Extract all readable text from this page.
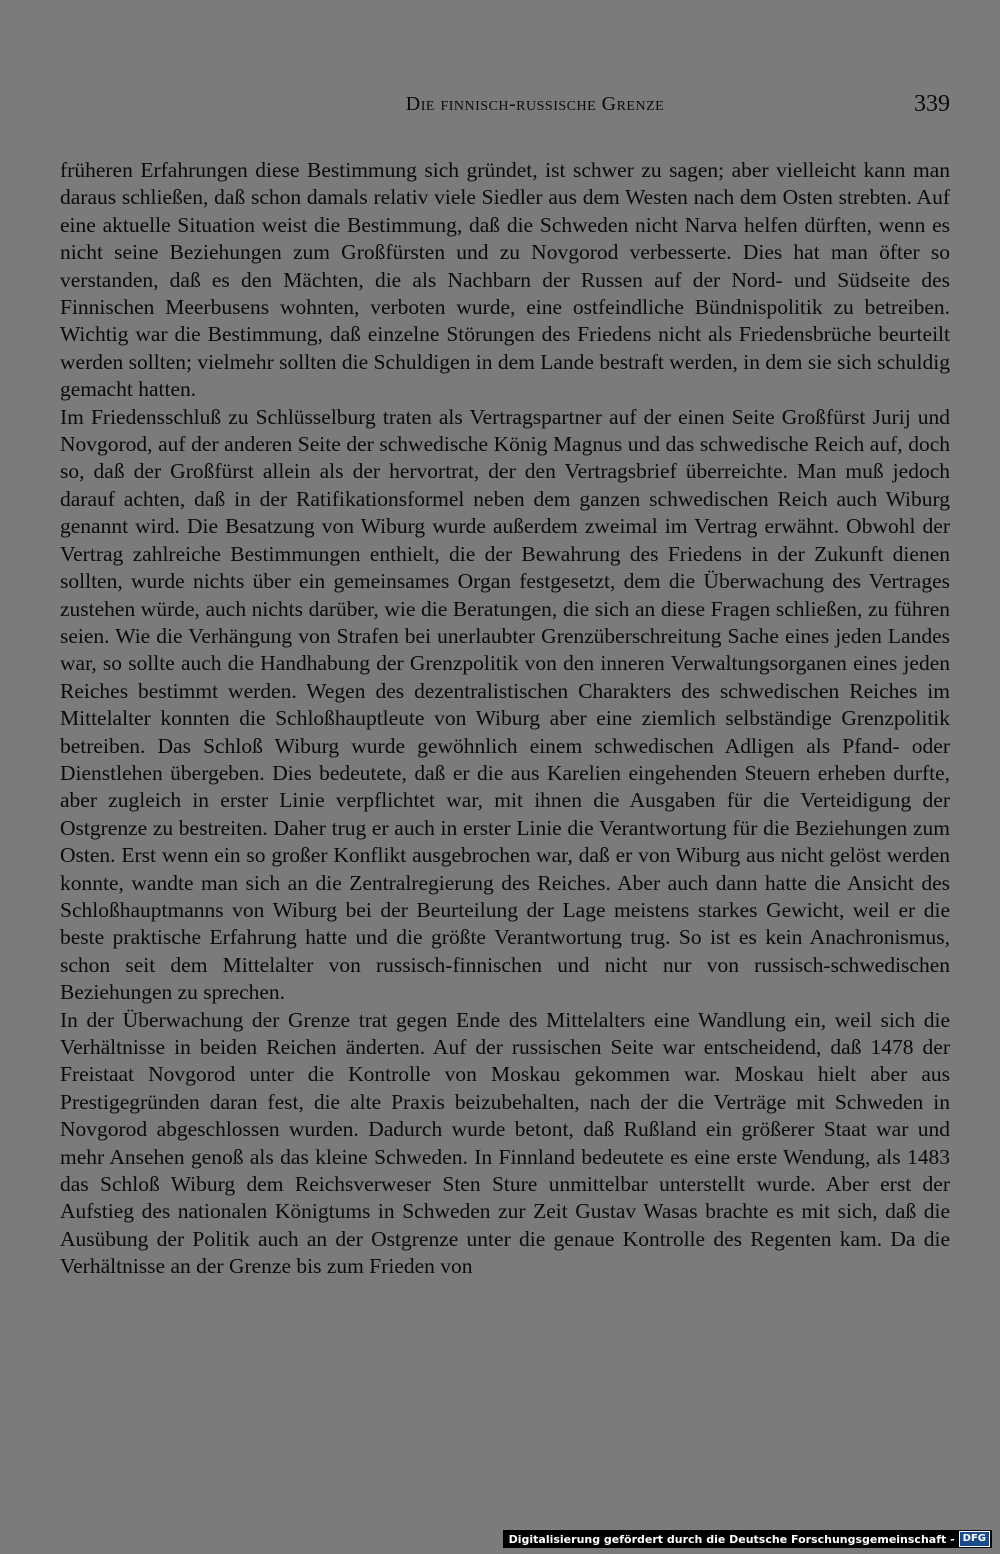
Die finnisch-russische Grenze	339

früheren Erfahrungen diese Bestimmung sich gründet, ist schwer zu sagen; aber vielleicht kann man daraus schließen, daß schon damals relativ viele Siedler aus dem Westen nach dem Osten strebten. Auf eine aktuelle Situation weist die Bestimmung, daß die Schweden nicht Narva helfen dürften, wenn es nicht seine Beziehungen zum Großfürsten und zu Novgorod verbesserte. Dies hat man öfter so verstanden, daß es den Mächten, die als Nachbarn der Russen auf der Nord- und Südseite des Finnischen Meerbusens wohnten, verboten wurde, eine ostfeindliche Bündnispolitik zu betreiben. Wichtig war die Bestimmung, daß einzelne Störungen des Friedens nicht als Friedensbrüche beurteilt werden sollten; vielmehr sollten die Schuldigen in dem Lande bestraft werden, in dem sie sich schuldig gemacht hatten.

Im Friedensschluß zu Schlüsselburg traten als Vertragspartner auf der einen Seite Großfürst Jurij und Novgorod, auf der anderen Seite der schwedische König Magnus und das schwedische Reich auf, doch so, daß der Großfürst allein als der hervortrat, der den Vertragsbrief überreichte. Man muß jedoch darauf achten, daß in der Ratifikationsformel neben dem ganzen schwedischen Reich auch Wiburg genannt wird. Die Besatzung von Wiburg wurde außerdem zweimal im Vertrag erwähnt. Obwohl der Vertrag zahlreiche Bestimmungen enthielt, die der Bewahrung des Friedens in der Zukunft dienen sollten, wurde nichts über ein gemeinsames Organ festgesetzt, dem die Überwachung des Vertrages zustehen würde, auch nichts darüber, wie die Beratungen, die sich an diese Fragen schließen, zu führen seien. Wie die Verhängung von Strafen bei unerlaubter Grenzüberschreitung Sache eines jeden Landes war, so sollte auch die Handhabung der Grenzpolitik von den inneren Verwaltungsorganen eines jeden Reiches bestimmt werden. Wegen des dezentralistischen Charakters des schwedischen Reiches im Mittelalter konnten die Schloßhauptleute von Wiburg aber eine ziemlich selbständige Grenzpolitik betreiben. Das Schloß Wiburg wurde gewöhnlich einem schwedischen Adligen als Pfand- oder Dienstlehen übergeben. Dies bedeutete, daß er die aus Karelien eingehenden Steuern erheben durfte, aber zugleich in erster Linie verpflichtet war, mit ihnen die Ausgaben für die Verteidigung der Ostgrenze zu bestreiten. Daher trug er auch in erster Linie die Verantwortung für die Beziehungen zum Osten. Erst wenn ein so großer Konflikt ausgebrochen war, daß er von Wiburg aus nicht gelöst werden konnte, wandte man sich an die Zentralregierung des Reiches. Aber auch dann hatte die Ansicht des Schloßhauptmanns von Wiburg bei der Beurteilung der Lage meistens starkes Gewicht, weil er die beste praktische Erfahrung hatte und die größte Verantwortung trug. So ist es kein Anachronismus, schon seit dem Mittelalter von russisch-finnischen und nicht nur von russisch-schwedischen Beziehungen zu sprechen.

In der Überwachung der Grenze trat gegen Ende des Mittelalters eine Wandlung ein, weil sich die Verhältnisse in beiden Reichen änderten. Auf der russischen Seite war entscheidend, daß 1478 der Freistaat Novgorod unter die Kontrolle von Moskau gekommen war. Moskau hielt aber aus Prestigegründen daran fest, die alte Praxis beizubehalten, nach der die Verträge mit Schweden in Novgorod abgeschlossen wurden. Dadurch wurde betont, daß Rußland ein größerer Staat war und mehr Ansehen genoß als das kleine Schweden. In Finnland bedeutete es eine erste Wendung, als 1483 das Schloß Wiburg dem Reichsverweser Sten Sture unmittelbar unterstellt wurde. Aber erst der Aufstieg des nationalen Königtums in Schweden zur Zeit Gustav Wasas brachte es mit sich, daß die Ausübung der Politik auch an der Ostgrenze unter die genaue Kontrolle des Regenten kam. Da die Verhältnisse an der Grenze bis zum Frieden von

Digitalisierung gefördert durch die Deutsche Forschungsgemeinschaft - DFG
